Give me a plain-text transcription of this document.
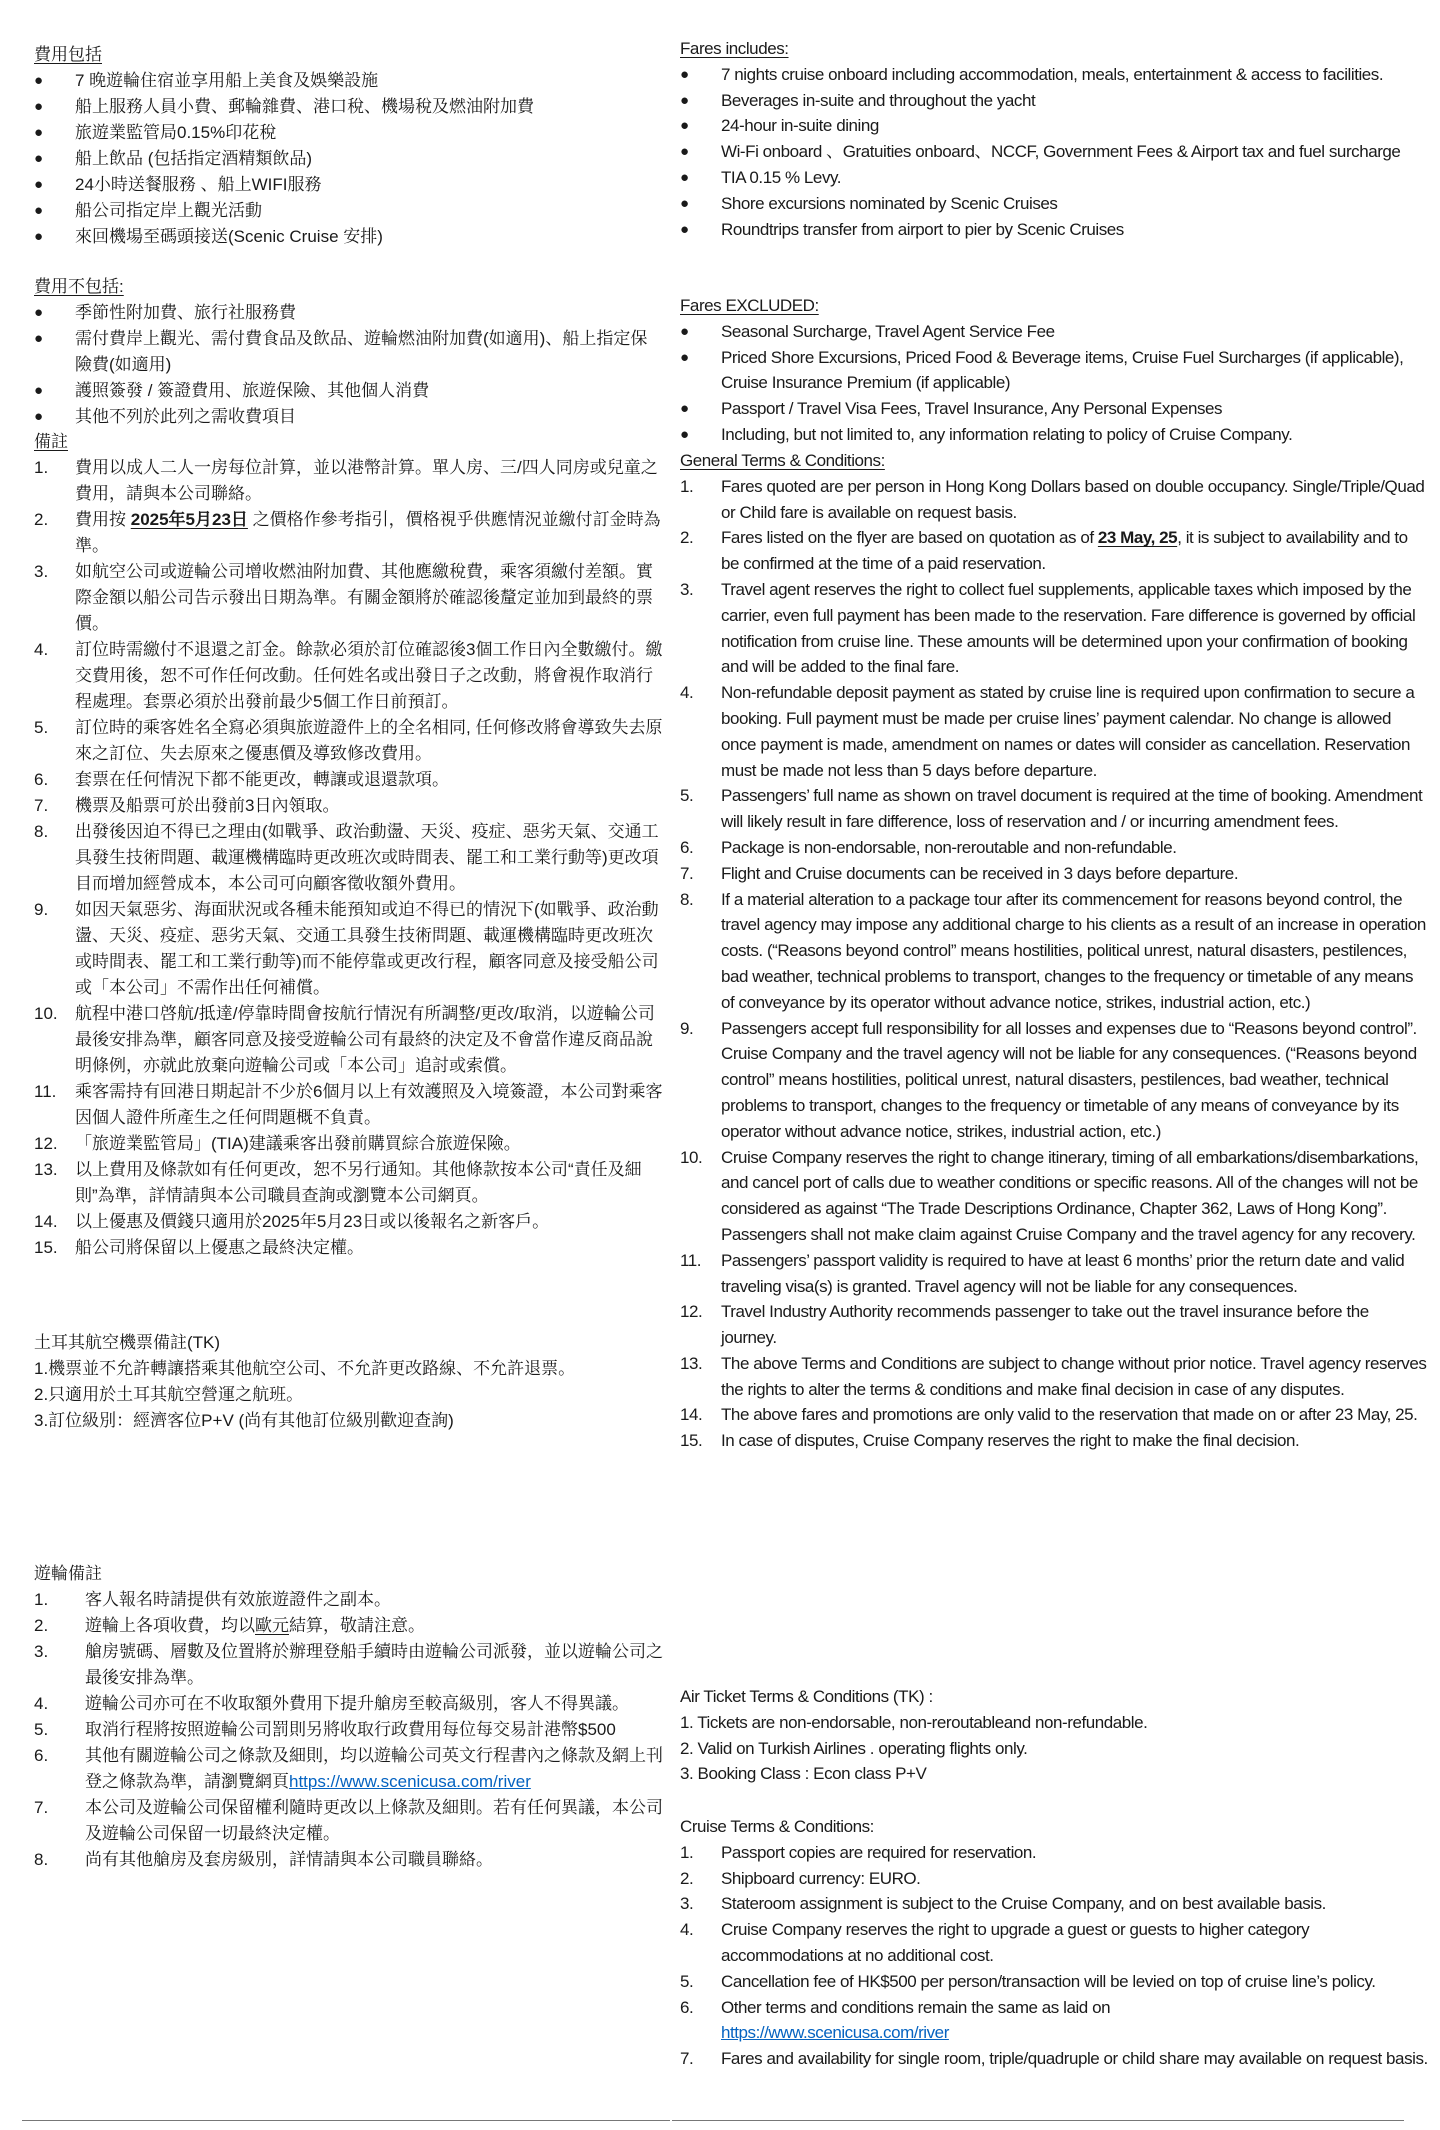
費用包括
● 7 晚遊輪住宿並享用船上美食及娛樂設施
● 船上服務人員小費、郵輪雜費、港口稅、機場稅及燃油附加費
● 旅遊業監管局0.15%印花稅
● 船上飲品 (包括指定酒精類飲品)
● 24小時送餐服務 、船上WIFI服務
● 船公司指定岸上觀光活動
● 來回機場至碼頭接送(Scenic Cruise 安排)
費用不包括:
● 季節性附加費、旅行社服務費
● 需付費岸上觀光、需付費食品及飲品、遊輪燃油附加費(如適用)、船上指定保險費(如適用)
● 護照簽發 / 簽證費用、旅遊保險、其他個人消費
● 其他不列於此列之需收費項目
備註
1. 費用以成人二人一房每位計算，並以港幣計算。單人房、三/四人同房或兒童之費用，請與本公司聯絡。
2. 費用按 2025年5月23日 之價格作參考指引，價格視乎供應情況並繳付訂金時為準。
3. 如航空公司或遊輪公司增收燃油附加費、其他應繳稅費，乘客須繳付差額。實際金額以船公司告示發出日期為準。有關金額將於確認後釐定並加到最終的票價。
4. 訂位時需繳付不退還之訂金。餘款必須於訂位確認後3個工作日內全數繳付。繳交費用後，恕不可作任何改動。任何姓名或出發日子之改動，將會視作取消行程處理。套票必須於出發前最少5個工作日前預訂。
5. 訂位時的乘客姓名全寫必須與旅遊證件上的全名相同, 任何修改將會導致失去原來之訂位、失去原來之優惠價及導致修改費用。
6. 套票在任何情況下都不能更改，轉讓或退還款項。
7. 機票及船票可於出發前3日內領取。
8. 出發後因迫不得已之理由(如戰爭、政治動盪、天災、疫症、惡劣天氣、交通工具發生技術問題、載運機構臨時更改班次或時間表、罷工和工業行動等)更改項目而增加經營成本，本公司可向顧客徵收額外費用。
9. 如因天氣惡劣、海面狀況或各種未能預知或迫不得已的情況下(如戰爭、政治動盪、天災、疫症、惡劣天氣、交通工具發生技術問題、載運機構臨時更改班次或時間表、罷工和工業行動等)而不能停靠或更改行程，顧客同意及接受船公司或「本公司」不需作出任何補償。
10. 航程中港口啓航/抵達/停靠時間會按航行情況有所調整/更改/取消，以遊輪公司最後安排為準，顧客同意及接受遊輪公司有最終的決定及不會當作違反商品說明條例，亦就此放棄向遊輪公司或「本公司」追討或索償。
11. 乘客需持有回港日期起計不少於6個月以上有效護照及入境簽證，本公司對乘客因個人證件所產生之任何問題概不負責。
12. 「旅遊業監管局」(TIA)建議乘客出發前購買綜合旅遊保險。
13. 以上費用及條款如有任何更改，恕不另行通知。其他條款按本公司“責任及細則”為準，詳情請與本公司職員查詢或瀏覽本公司網頁。
14. 以上優惠及價錢只適用於2025年5月23日或以後報名之新客戶。
15. 船公司將保留以上優惠之最終決定權。
土耳其航空機票備註(TK)
1.機票並不允許轉讓搭乘其他航空公司、不允許更改路線、不允許退票。
2.只適用於土耳其航空營運之航班。
3.訂位級別：經濟客位P+V (尚有其他訂位級別歡迎查詢)
遊輪備註
1. 客人報名時請提供有效旅遊證件之副本。
2. 遊輪上各項收費，均以歐元結算，敬請注意。
3. 艙房號碼、層數及位置將於辦理登船手續時由遊輪公司派發，並以遊輪公司之最後安排為準。
4. 遊輪公司亦可在不收取額外費用下提升艙房至較高級別，客人不得異議。
5. 取消行程將按照遊輪公司罰則另將收取行政費用每位每交易計港幣$500
6. 其他有關遊輪公司之條款及細則，均以遊輪公司英文行程書內之條款及網上刊登之條款為準，請瀏覽網頁https://www.scenicusa.com/river
7. 本公司及遊輪公司保留權利隨時更改以上條款及細則。若有任何異議，本公司及遊輪公司保留一切最終決定權。
8. 尚有其他艙房及套房級別，詳情請與本公司職員聯絡。
Fares includes:
● 7 nights cruise onboard including accommodation, meals, entertainment & access to facilities.
● Beverages in-suite and throughout the yacht
● 24-hour in-suite dining
● Wi-Fi onboard 、Gratuities onboard、NCCF, Government Fees & Airport tax and fuel surcharge
● TIA 0.15 % Levy.
● Shore excursions nominated by Scenic Cruises
● Roundtrips transfer from airport to pier by Scenic Cruises
Fares EXCLUDED:
● Seasonal Surcharge, Travel Agent Service Fee
● Priced Shore Excursions, Priced Food & Beverage items, Cruise Fuel Surcharges (if applicable), Cruise Insurance Premium (if applicable)
● Passport / Travel Visa Fees, Travel Insurance, Any Personal Expenses
● Including, but not limited to, any information relating to policy of Cruise Company.
General Terms & Conditions:
1. Fares quoted are per person in Hong Kong Dollars based on double occupancy. Single/Triple/Quad or Child fare is available on request basis.
2. Fares listed on the flyer are based on quotation as of 23 May, 25, it is subject to availability and to be confirmed at the time of a paid reservation.
3. Travel agent reserves the right to collect fuel supplements, applicable taxes which imposed by the carrier, even full payment has been made to the reservation. Fare difference is governed by official notification from cruise line. These amounts will be determined upon your confirmation of booking and will be added to the final fare.
4. Non-refundable deposit payment as stated by cruise line is required upon confirmation to secure a booking. Full payment must be made per cruise lines’ payment calendar. No change is allowed once payment is made, amendment on names or dates will consider as cancellation. Reservation must be made not less than 5 days before departure.
5. Passengers’ full name as shown on travel document is required at the time of booking. Amendment will likely result in fare difference, loss of reservation and / or incurring amendment fees.
6. Package is non-endorsable, non-reroutable and non-refundable.
7. Flight and Cruise documents can be received in 3 days before departure.
8. If a material alteration to a package tour after its commencement for reasons beyond control, the travel agency may impose any additional charge to his clients as a result of an increase in operation costs. (“Reasons beyond control” means hostilities, political unrest, natural disasters, pestilences, bad weather, technical problems to transport, changes to the frequency or timetable of any means of conveyance by its operator without advance notice, strikes, industrial action, etc.)
9. Passengers accept full responsibility for all losses and expenses due to “Reasons beyond control”. Cruise Company and the travel agency will not be liable for any consequences. (“Reasons beyond control” means hostilities, political unrest, natural disasters, pestilences, bad weather, technical problems to transport, changes to the frequency or timetable of any means of conveyance by its operator without advance notice, strikes, industrial action, etc.)
10. Cruise Company reserves the right to change itinerary, timing of all embarkations/disembarkations, and cancel port of calls due to weather conditions or specific reasons. All of the changes will not be considered as against “The Trade Descriptions Ordinance, Chapter 362, Laws of Hong Kong”. Passengers shall not make claim against Cruise Company and the travel agency for any recovery.
11. Passengers’ passport validity is required to have at least 6 months’ prior the return date and valid traveling visa(s) is granted. Travel agency will not be liable for any consequences.
12. Travel Industry Authority recommends passenger to take out the travel insurance before the journey.
13. The above Terms and Conditions are subject to change without prior notice. Travel agency reserves the rights to alter the terms & conditions and make final decision in case of any disputes.
14. The above fares and promotions are only valid to the reservation that made on or after 23 May, 25.
15. In case of disputes, Cruise Company reserves the right to make the final decision.
Air Ticket Terms & Conditions (TK) :
1. Tickets are non-endorsable, non-reroutableand non-refundable.
2. Valid on Turkish Airlines . operating flights only.
3. Booking Class : Econ class P+V
Cruise Terms & Conditions:
1. Passport copies are required for reservation.
2. Shipboard currency: EURO.
3. Stateroom assignment is subject to the Cruise Company, and on best available basis.
4. Cruise Company reserves the right to upgrade a guest or guests to higher category accommodations at no additional cost.
5. Cancellation fee of HK$500 per person/transaction will be levied on top of cruise line’s policy.
6. Other terms and conditions remain the same as laid on
https://www.scenicusa.com/river
7. Fares and availability for single room, triple/quadruple or child share may available on request basis.
